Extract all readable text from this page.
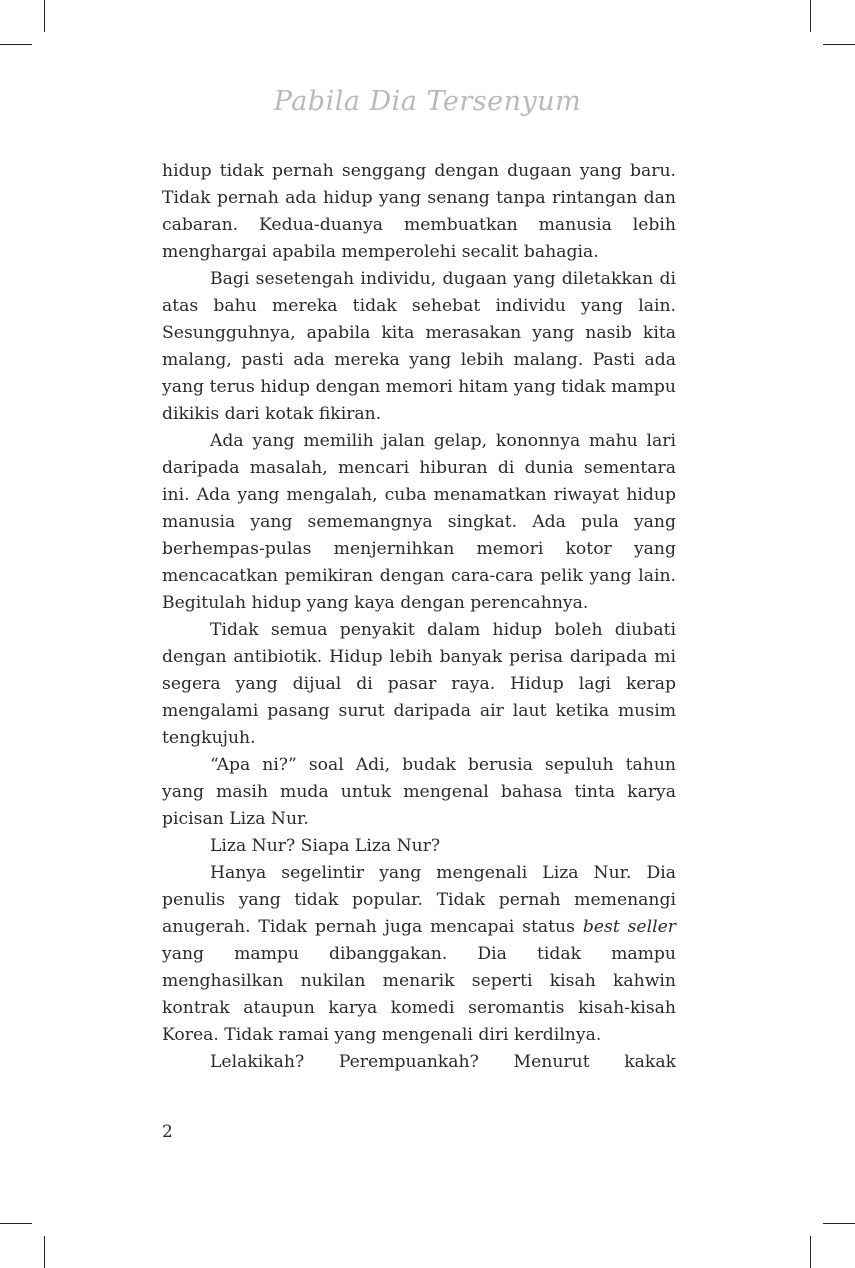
Pabila Dia Tersenyum

hidup tidak pernah senggang dengan dugaan yang baru. Tidak pernah ada hidup yang senang tanpa rintangan dan cabaran. Kedua-duanya membuatkan manusia lebih menghargai apabila memperolehi secalit bahagia.

Bagi sesetengah individu, dugaan yang diletakkan di atas bahu mereka tidak sehebat individu yang lain. Sesungguhnya, apabila kita merasakan yang nasib kita malang, pasti ada mereka yang lebih malang. Pasti ada yang terus hidup dengan memori hitam yang tidak mampu dikikis dari kotak fikiran.

Ada yang memilih jalan gelap, kononnya mahu lari daripada masalah, mencari hiburan di dunia sementara ini. Ada yang mengalah, cuba menamatkan riwayat hidup manusia yang sememangnya singkat. Ada pula yang berhempas-pulas menjernihkan memori kotor yang mencacatkan pemikiran dengan cara-cara pelik yang lain. Begitulah hidup yang kaya dengan perencahnya.

Tidak semua penyakit dalam hidup boleh diubati dengan antibiotik. Hidup lebih banyak perisa daripada mi segera yang dijual di pasar raya. Hidup lagi kerap mengalami pasang surut daripada air laut ketika musim tengkujuh.

“Apa ni?” soal Adi, budak berusia sepuluh tahun yang masih muda untuk mengenal bahasa tinta karya picisan Liza Nur.

Liza Nur? Siapa Liza Nur?

Hanya segelintir yang mengenali Liza Nur. Dia penulis yang tidak popular. Tidak pernah memenangi anugerah. Tidak pernah juga mencapai status best seller yang mampu dibanggakan. Dia tidak mampu menghasilkan nukilan menarik seperti kisah kahwin kontrak ataupun karya komedi seromantis kisah-kisah Korea. Tidak ramai yang mengenali diri kerdilnya.

Lelakikah? Perempuankah? Menurut kakak

2
